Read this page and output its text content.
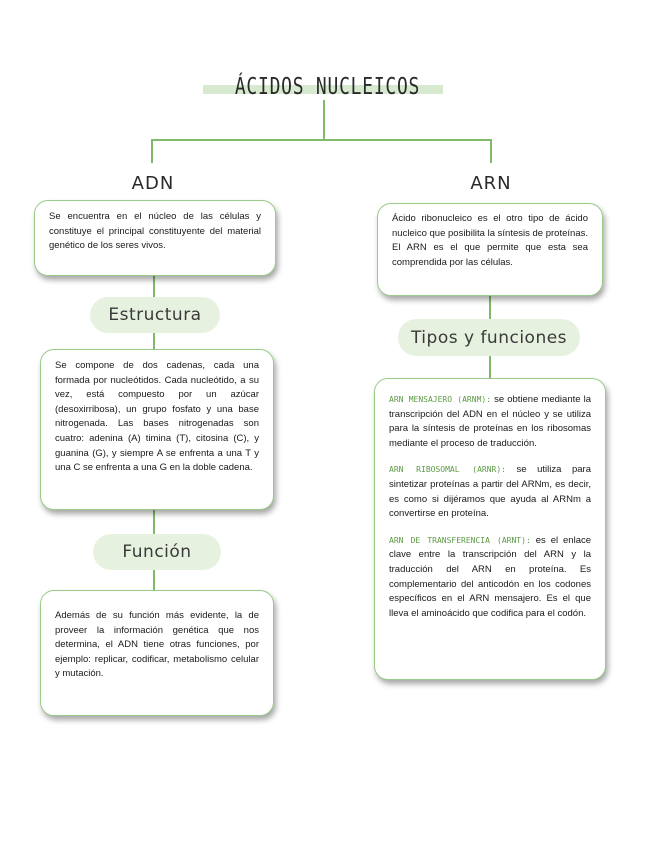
ÁCIDOS NUCLEICOS
ADN	ARN
Se encuentra en el núcleo de las células y constituye el principal constituyente del material genético de los seres vivos.
Estructura
Se compone de dos cadenas, cada una formada por nucleótidos. Cada nucleótido, a su vez, está compuesto por un azúcar (desoxirribosa), un grupo fosfato y una base nitrogenada. Las bases nitrogenadas son cuatro: adenina (A) timina (T), citosina (C), y guanina (G), y siempre A se enfrenta a una T y una C se enfrenta a una G en la doble cadena.
Función
Además de su función más evidente, la de proveer la información genética que nos determina, el ADN tiene otras funciones, por ejemplo: replicar, codificar, metabolismo celular y mutación.
Ácido ribonucleico es el otro tipo de ácido nucleico que posibilita la síntesis de proteínas. El ARN es el que permite que esta sea comprendida por las células.
Tipos y funciones
ARN MENSAJERO (ARNM): se obtiene mediante la transcripción del ADN en el núcleo y se utiliza para la síntesis de proteínas en los ribosomas mediante el proceso de traducción.
ARN RIBOSOMAL (ARNR): se utiliza para sintetizar proteínas a partir del ARNm, es decir, es como si dijéramos que ayuda al ARNm a convertirse en proteína.
ARN DE TRANSFERENCIA (ARNT): es el enlace clave entre la transcripción del ARN y la traducción del ARN en proteína. Es complementario del anticodón en los codones específicos en el ARN mensajero. Es el que lleva el aminoácido que codifica para el codón.
